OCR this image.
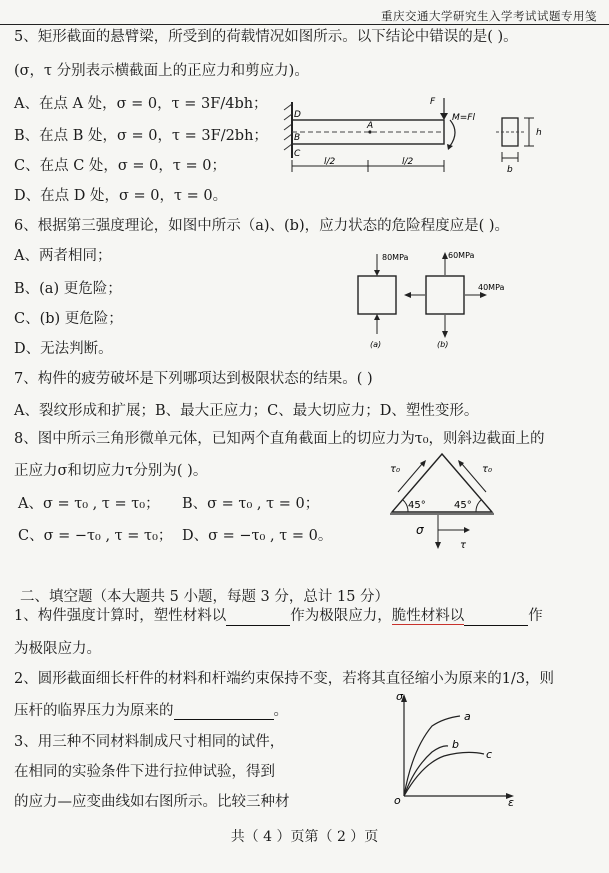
重庆交通大学研究生入学考试试题专用笺
5、矩形截面的悬臂梁，所受到的荷载情况如图所示。以下结论中错误的是( )。
(σ，τ 分别表示横截面上的正应力和剪应力)。
A、在点 A 处，σ = 0，τ = 3F/4bh；
B、在点 B 处，σ = 0，τ = 3F/2bh；
C、在点 C 处，σ = 0，τ = 0；
D、在点 D 处，σ = 0，τ = 0。
D
B
C
A
F
M=Fl
l/2	l/2
h
b
6、根据第三强度理论，如图中所示（a)、(b)，应力状态的危险程度应是( )。
A、两者相同；
B、(a) 更危险；
C、(b) 更危险；
D、无法判断。
80MPa	60MPa
40MPa
(a)	(b)
7、构件的疲劳破坏是下列哪项达到极限状态的结果。( )
A、裂纹形成和扩展；B、最大正应力；C、最大切应力；D、塑性变形。
8、图中所示三角形微单元体，已知两个直角截面上的切应力为τ₀，则斜边截面上的
正应力σ和切应力τ分别为( )。
A、σ = τ₀ , τ = τ₀； B、σ = τ₀ , τ = 0；
C、σ = −τ₀ , τ = τ₀； D、σ = −τ₀ , τ = 0。
τ₀	τ₀
45°	45°
σ
τ
二、填空题（本大题共 5 小题，每题 3 分，总计 15 分）
1、构件强度计算时，塑性材料以	作为极限应力，脆性材料以	作
为极限应力。
2、圆形截面细长杆件的材料和杆端约束保持不变，若将其直径缩小为原来的1/3，则
压杆的临界压力为原来的	。
3、用三种不同材料制成尺寸相同的试件，
在相同的实验条件下进行拉伸试验，得到
的应力—应变曲线如右图所示。比较三种材
σ
ε
o
a
b
c
共（ 4 ）页第（ 2 ）页
